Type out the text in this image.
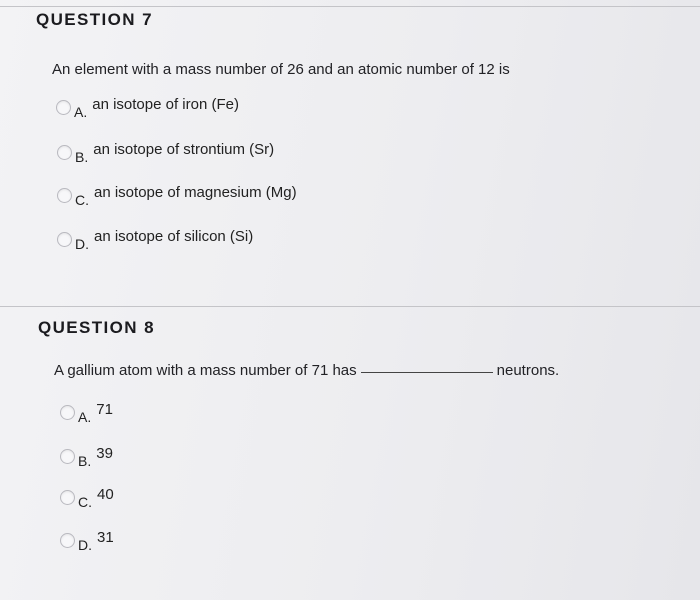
QUESTION 7
An element with a mass number of 26 and an atomic number of 12 is
A. an isotope of iron (Fe)
B. an isotope of strontium (Sr)
C. an isotope of magnesium (Mg)
D. an isotope of silicon (Si)
QUESTION 8
A gallium atom with a mass number of 71 has	neutrons.
A. 71
B. 39
C. 40
D. 31
